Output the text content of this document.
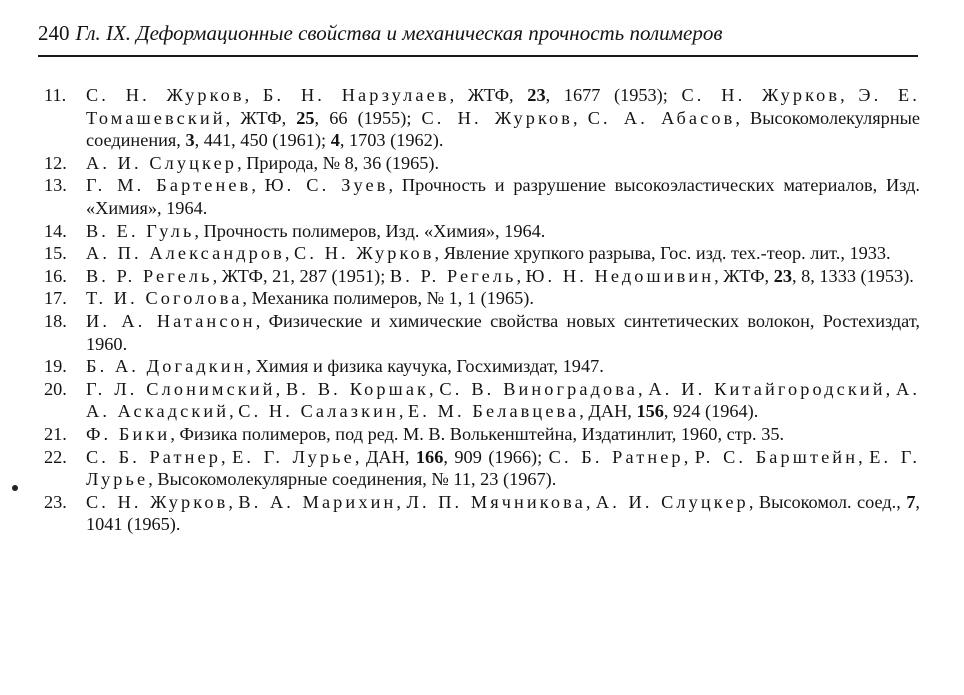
240 Гл. IX. Деформационные свойства и механическая прочность полимеров
11.	С. Н. Журков, Б. Н. Нарзулаев, ЖТФ, 23, 1677 (1953); С. Н. Журков, Э. Е. Томашевский, ЖТФ, 25, 66 (1955); С. Н. Журков, С. А. Абасов, Высокомолекулярные соединения, 3, 441, 450 (1961); 4, 1703 (1962).
12.	А. И. Слуцкер, Природа, № 8, 36 (1965).
13.	Г. М. Бартенев, Ю. С. Зуев, Прочность и разрушение высокоэластических материалов, Изд. «Химия», 1964.
14.	В. Е. Гуль, Прочность полимеров, Изд. «Химия», 1964.
15.	А. П. Александров, С. Н. Журков, Явление хрупкого разрыва, Гос. изд. тех.-теор. лит., 1933.
16.	В. Р. Регель, ЖТФ, 21, 287 (1951); В. Р. Регель, Ю. Н. Недошивин, ЖТФ, 23, 8, 1333 (1953).
17.	Т. И. Соголова, Механика полимеров, № 1, 1 (1965).
18.	И. А. Натансон, Физические и химические свойства новых синтетических волокон, Ростехиздат, 1960.
19.	Б. А. Догадкин, Химия и физика каучука, Госхимиздат, 1947.
20.	Г. Л. Слонимский, В. В. Коршак, С. В. Виноградова, А. И. Китайгородский, А. А. Аскадский, С. Н. Салазкин, Е. М. Белавцева, ДАН, 156, 924 (1964).
21.	Ф. Бики, Физика полимеров, под ред. М. В. Волькенштейна, Издатинлит, 1960, стр. 35.
22.	С. Б. Ратнер, Е. Г. Лурье, ДАН, 166, 909 (1966); С. Б. Ратнер, Р. С. Барштейн, Е. Г. Лурье, Высокомолекулярные соединения, № 11, 23 (1967).
23.	С. Н. Журков, В. А. Марихин, Л. П. Мячникова, А. И. Слуцкер, Высокомол. соед., 7, 1041 (1965).
